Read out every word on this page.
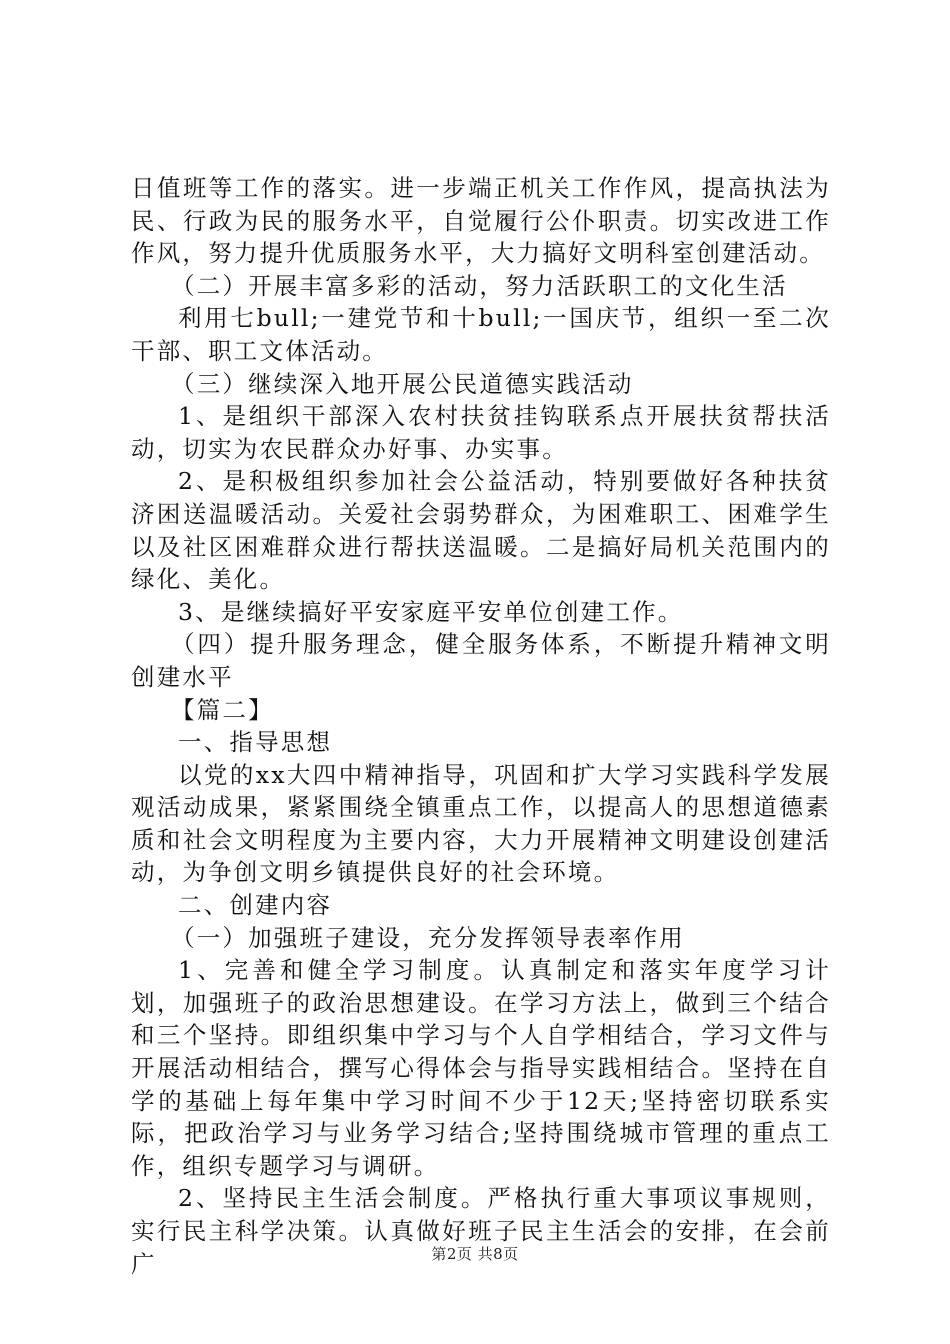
日值班等工作的落实。进一步端正机关工作作风，提高执法为民、行政为民的服务水平，自觉履行公仆职责。切实改进工作作风，努力提升优质服务水平，大力搞好文明科室创建活动。

（二）开展丰富多彩的活动，努力活跃职工的文化生活

利用七bull;一建党节和十bull;一国庆节，组织一至二次干部、职工文体活动。

（三）继续深入地开展公民道德实践活动

1、是组织干部深入农村扶贫挂钩联系点开展扶贫帮扶活动，切实为农民群众办好事、办实事。

2、是积极组织参加社会公益活动，特别要做好各种扶贫济困送温暖活动。关爱社会弱势群众，为困难职工、困难学生以及社区困难群众进行帮扶送温暖。二是搞好局机关范围内的绿化、美化。

3、是继续搞好平安家庭平安单位创建工作。

（四）提升服务理念，健全服务体系，不断提升精神文明创建水平

【篇二】

一、指导思想

以党的xx大四中精神指导，巩固和扩大学习实践科学发展观活动成果，紧紧围绕全镇重点工作，以提高人的思想道德素质和社会文明程度为主要内容，大力开展精神文明建设创建活动，为争创文明乡镇提供良好的社会环境。

二、创建内容

（一）加强班子建设，充分发挥领导表率作用

1、完善和健全学习制度。认真制定和落实年度学习计划，加强班子的政治思想建设。在学习方法上，做到三个结合和三个坚持。即组织集中学习与个人自学相结合，学习文件与开展活动相结合，撰写心得体会与指导实践相结合。坚持在自学的基础上每年集中学习时间不少于12天;坚持密切联系实际，把政治学习与业务学习结合;坚持围绕城市管理的重点工作，组织专题学习与调研。

2、坚持民主生活会制度。严格执行重大事项议事规则，实行民主科学决策。认真做好班子民主生活会的安排，在会前广	第2页 共8页
